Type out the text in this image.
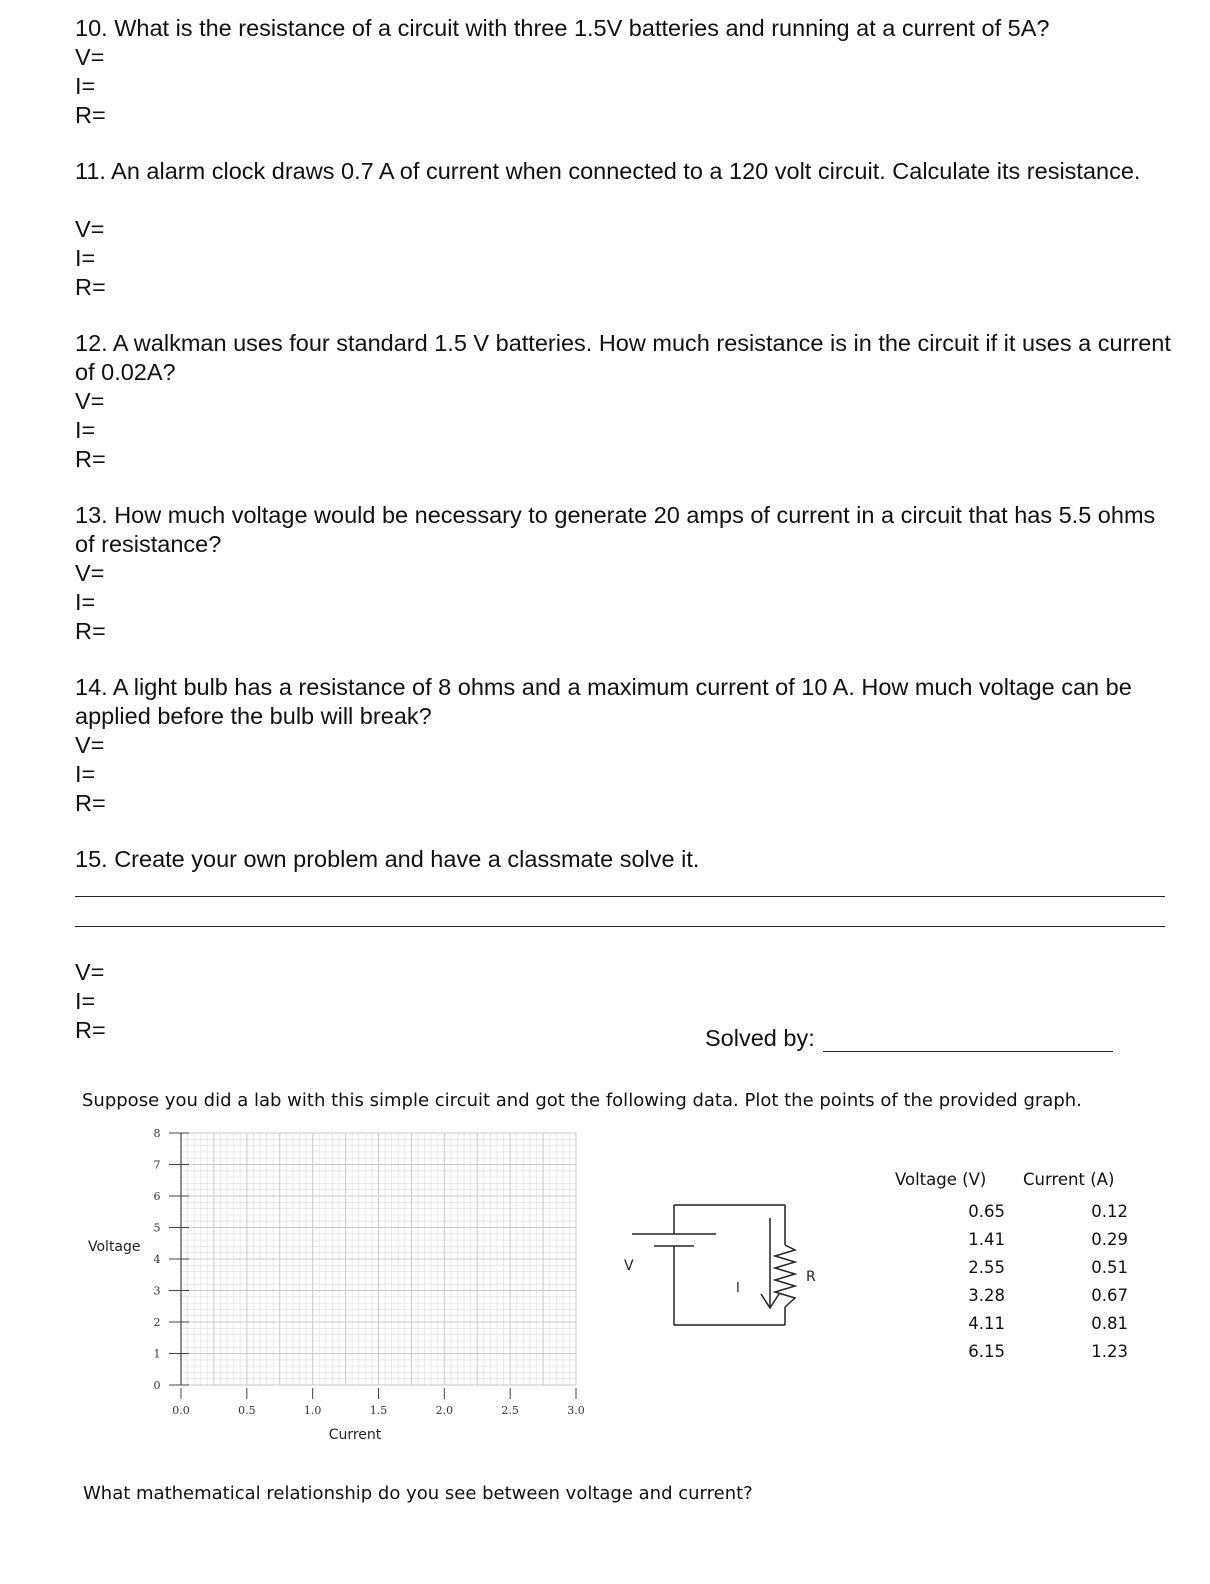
10. What is the resistance of a circuit with three 1.5V batteries and running at a current of 5A?
V=
I=
R=
11. An alarm clock draws 0.7 A of current when connected to a 120 volt circuit. Calculate its resistance.
V=
I=
R=
12. A walkman uses four standard 1.5 V batteries. How much resistance is in the circuit if it uses a current of 0.02A?
V=
I=
R=
13. How much voltage would be necessary to generate 20 amps of current in a circuit that has 5.5 ohms of resistance?
V=
I=
R=
14. A light bulb has a resistance of 8 ohms and a maximum current of 10 A. How much voltage can be applied before the bulb will break?
V=
I=
R=
15. Create your own problem and have a classmate solve it.
V=
I=
R=	Solved by:
Suppose you did a lab with this simple circuit and got the following data. Plot the points of the provided graph.
0
1
2
3
4
5
6
7
8
0.0	0.5	1.0	1.5	2.0	2.5	3.0
Voltage
Current
V
I
R
Voltage (V)	Current (A)
0.65	0.12
1.41	0.29
2.55	0.51
3.28	0.67
4.11	0.81
6.15	1.23
What mathematical relationship do you see between voltage and current?
